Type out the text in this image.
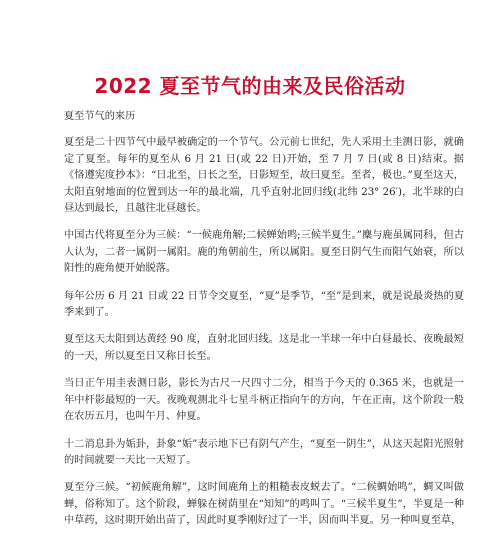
2022 夏至节气的由来及民俗活动

夏至节气的来历

夏至是二十四节气中最早被确定的一个节气。公元前七世纪，先人采用土圭测日影，就确定了夏至。每年的夏至从 6 月 21 日(或 22 日)开始，至 7 月 7 日(或 8 日)结束。据《恪遵宪度抄本》：“日北至，日长之至，日影短至，故曰夏至。至者，极也。”夏至这天，太阳直射地面的位置到达一年的最北端，几乎直射北回归线(北纬 23° 26′)，北半球的白昼达到最长，且越往北昼越长。

中国古代将夏至分为三候：“一候鹿角解;二候蝉始鸣;三候半夏生。”麋与鹿虽属同科，但古人认为，二者一属阴一属阳。鹿的角朝前生，所以属阳。夏至日阴气生而阳气始衰，所以阳性的鹿角便开始脱落。

每年公历 6 月 21 日或 22 日节令交夏至，“夏”是季节，“至”是到来，就是说最炎热的夏季来到了。

夏至这天太阳到达黄经 90 度，直射北回归线。这是北一半球一年中白昼最长、夜晚最短的一天，所以夏至日又称日长至。

当日正午用圭表测日影，影长为古尺一尺四寸二分，相当于今天的 0.365 米，也就是一年中杆影最短的一天。夜晚观测北斗七星斗柄正指向午的方向，午在正南，这个阶段一般在农历五月，也叫午月、仲夏。

十二消息卦为姤卦，卦象“姤”表示地下已有阴气产生，“夏至一阴生”，从这天起阳光照射的时间就要一天比一天短了。

夏至分三候。“初候鹿角解”，这时间鹿角上的粗糙表皮蜕去了。“二候蜩始鸣”，蜩又叫做蝉，俗称知了。这个阶段，蝉躲在树荫里在“知知”的鸣叫了。“三候半夏生”，半夏是一种中草药，这时期开始出苗了，因此时夏季刚好过了一半，因而叫半夏。另一种叫夏至草，
